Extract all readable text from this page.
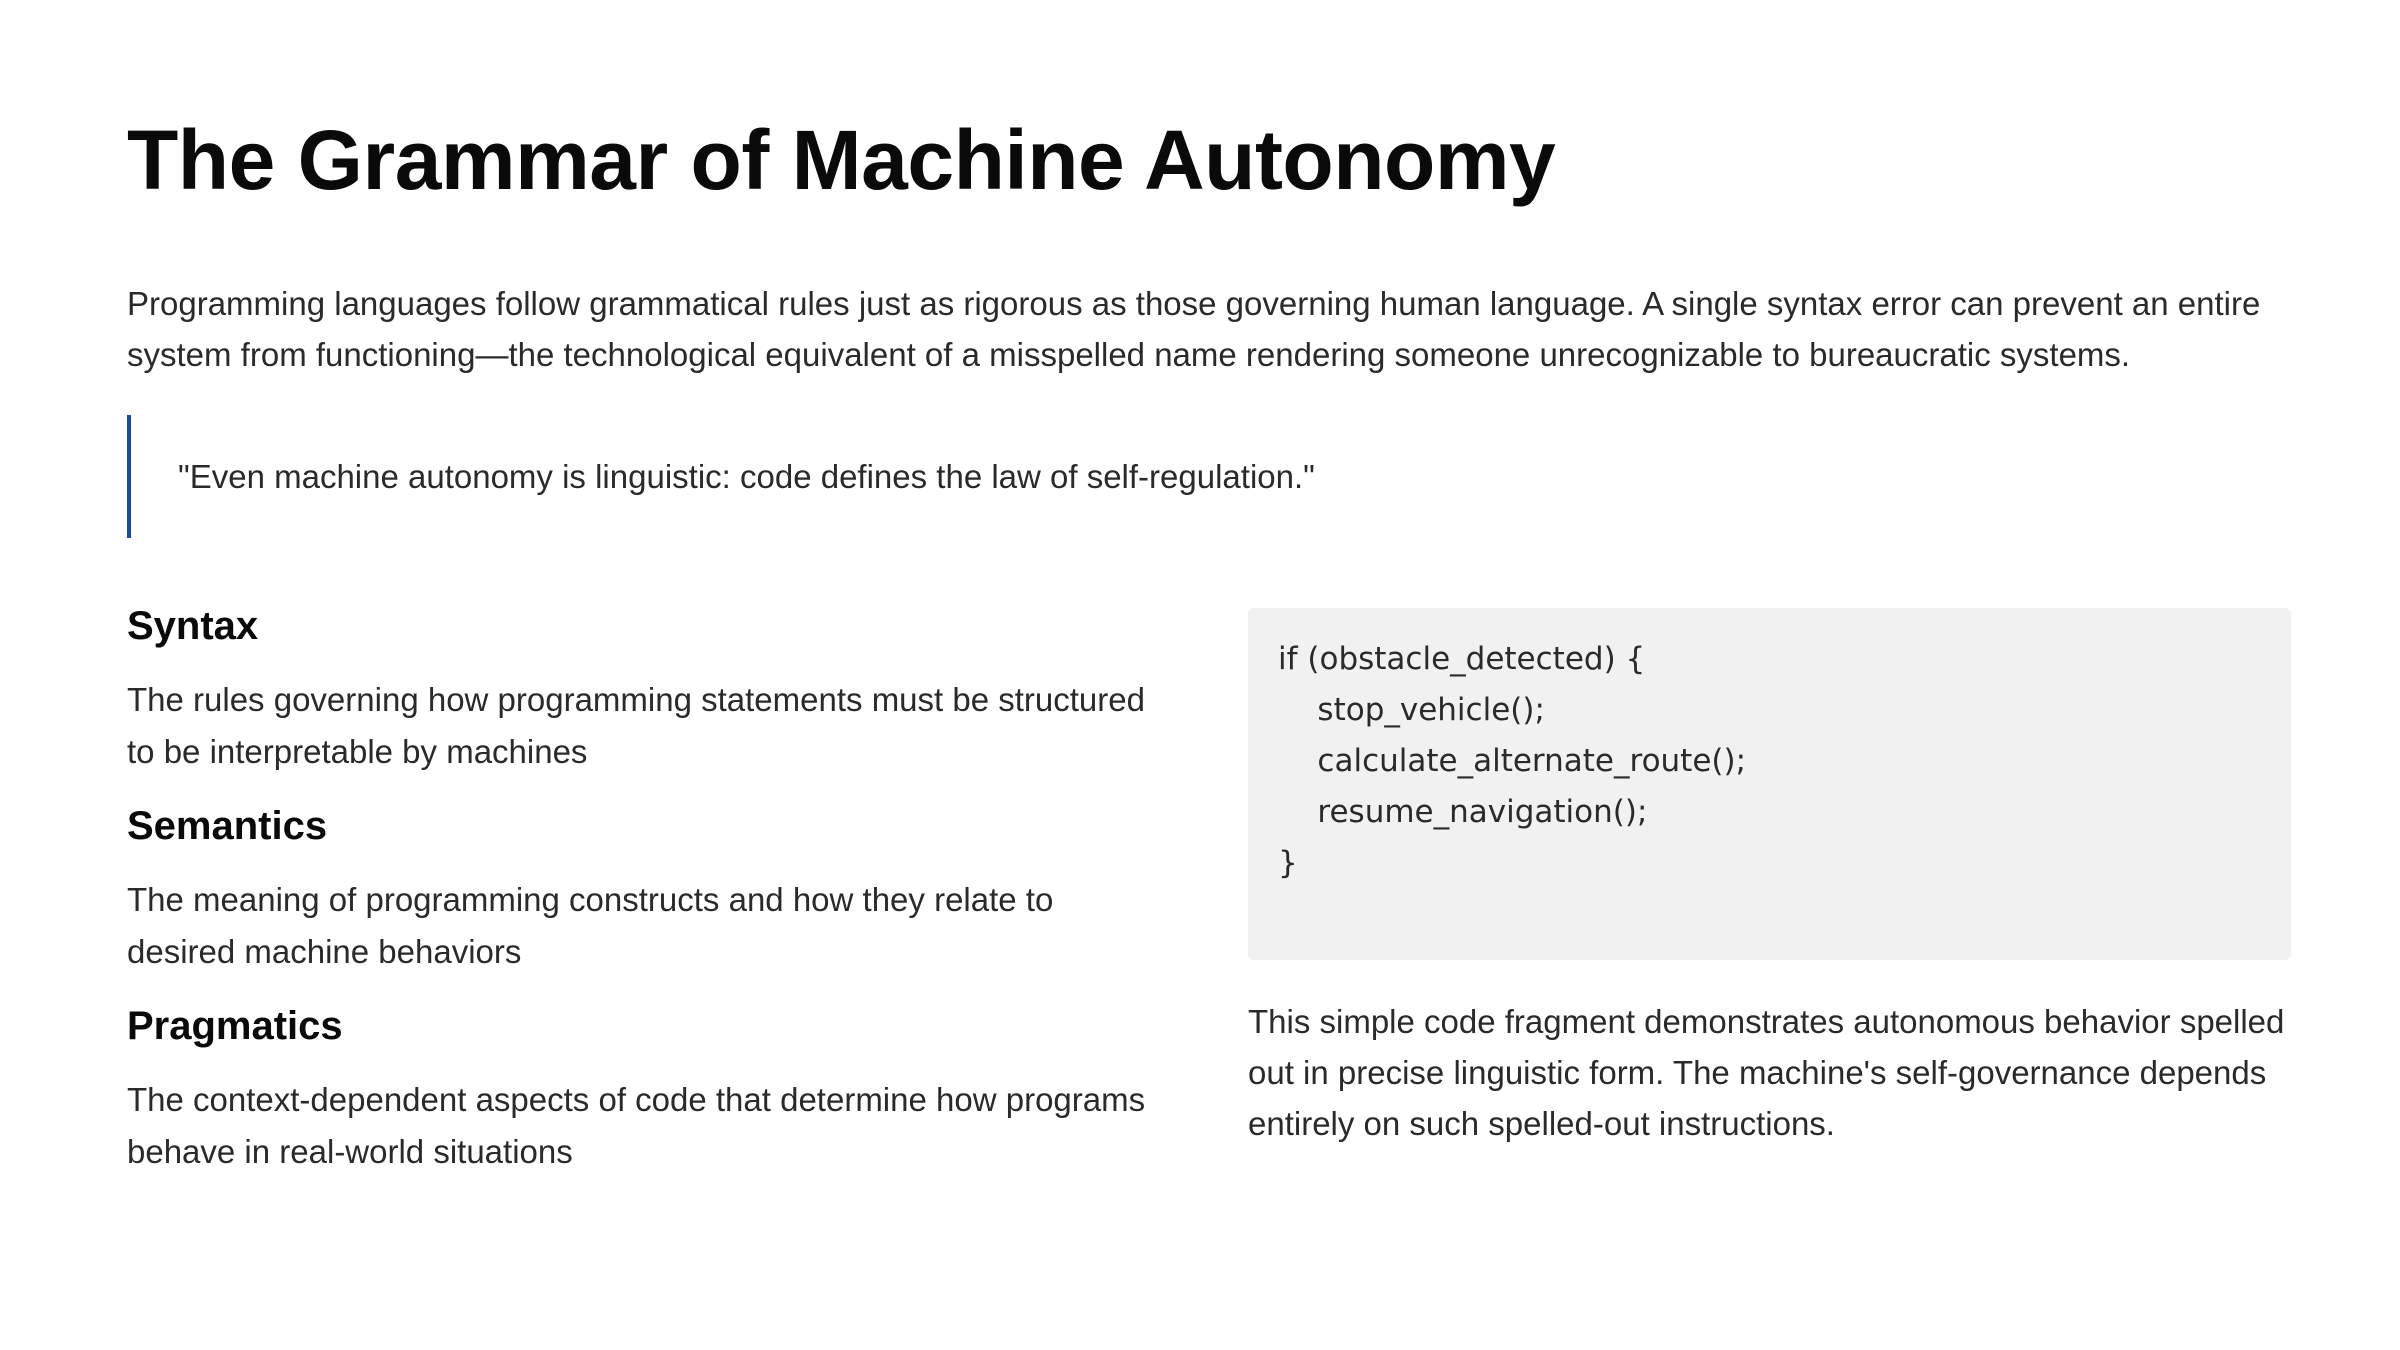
The Grammar of Machine Autonomy

Programming languages follow grammatical rules just as rigorous as those governing human language. A single syntax error can prevent an entire system from functioning—the technological equivalent of a misspelled name rendering someone unrecognizable to bureaucratic systems.

"Even machine autonomy is linguistic: code defines the law of self-regulation."
Syntax

The rules governing how programming statements must be structured to be interpretable by machines

Semantics

The meaning of programming constructs and how they relate to desired machine behaviors

Pragmatics

The context-dependent aspects of code that determine how programs behave in real-world situations

if (obstacle_detected) {
stop_vehicle();
calculate_alternate_route();
resume_navigation();
}

This simple code fragment demonstrates autonomous behavior spelled out in precise linguistic form. The machine's self-governance depends entirely on such spelled-out instructions.
